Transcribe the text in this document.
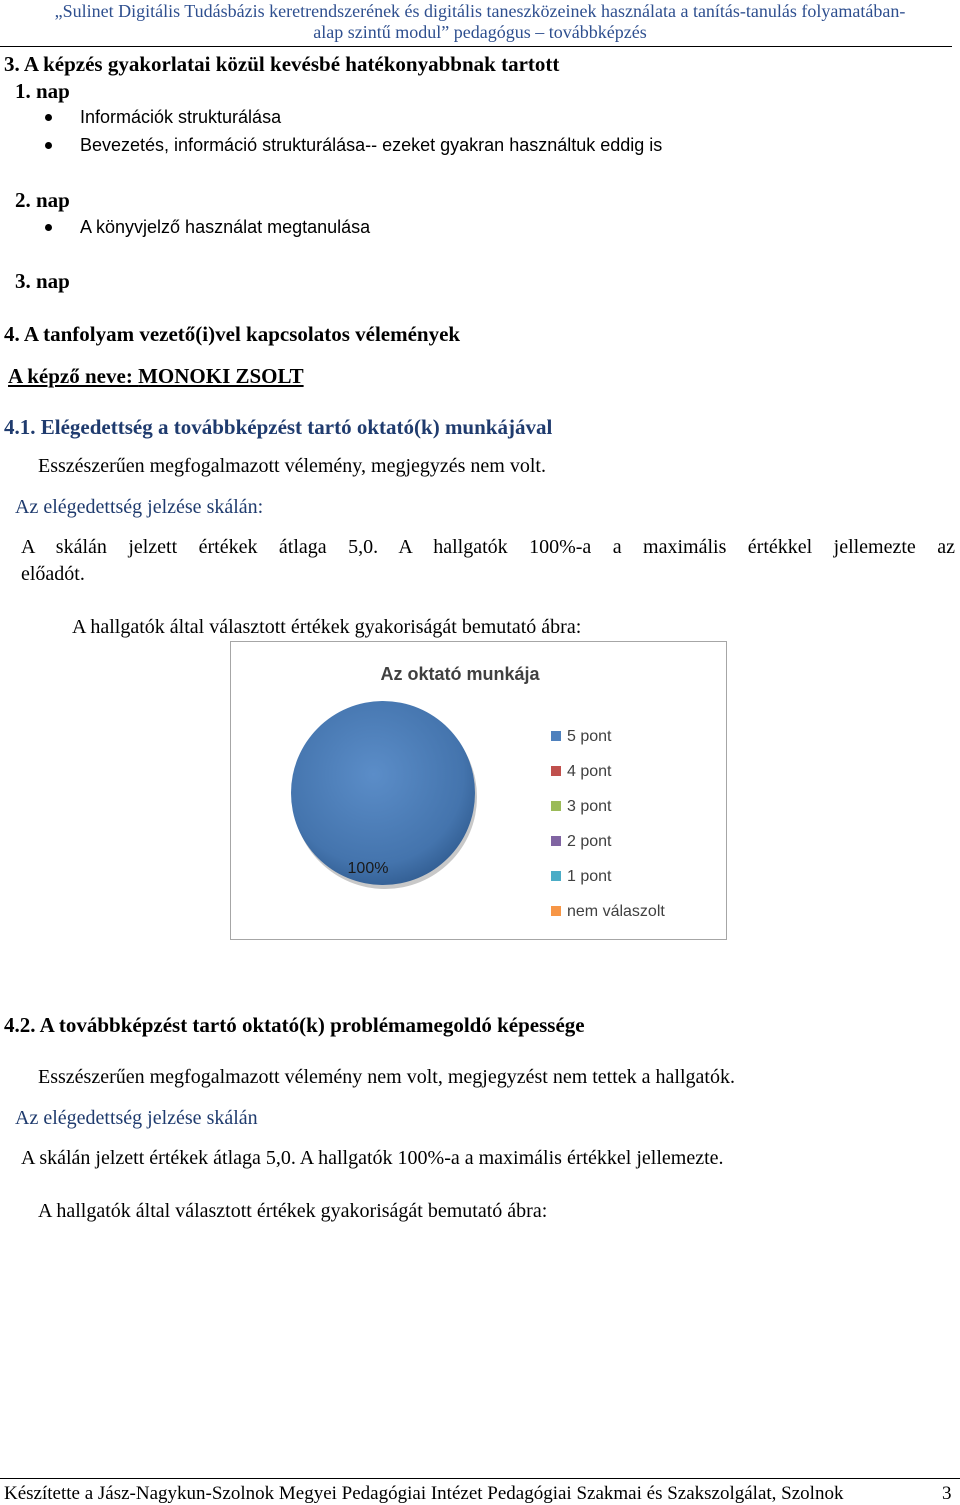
„Sulinet Digitális Tudásbázis keretrendszerének és digitális taneszközeinek használata a tanítás-tanulás folyamatában-
alap szintű modul” pedagógus – továbbképzés
3. A képzés gyakorlatai közül kevésbé hatékonyabbnak tartott
1. nap
Információk strukturálása
Bevezetés, információ strukturálása-- ezeket gyakran használtuk eddig is
2. nap
A könyvjelző használat megtanulása
3. nap
4. A tanfolyam vezető(i)vel kapcsolatos vélemények
A képző neve: MONOKI ZSOLT
4.1. Elégedettség a továbbképzést tartó oktató(k) munkájával
Esszészerűen megfogalmazott vélemény, megjegyzés nem volt.
Az elégedettség jelzése skálán:
A skálán jelzett értékek átlaga 5,0. A hallgatók 100%-a a maximális értékkel jellemezte az
előadót.
A hallgatók által választott értékek gyakoriságát bemutató ábra:
Az oktató munkája
100%
5 pont
4 pont
3 pont
2 pont
1 pont
nem válaszolt
4.2. A továbbképzést tartó oktató(k) problémamegoldó képessége
Esszészerűen megfogalmazott vélemény nem volt, megjegyzést nem tettek a hallgatók.
Az elégedettség jelzése skálán
A skálán jelzett értékek átlaga 5,0. A hallgatók 100%-a a maximális értékkel jellemezte.
A hallgatók által választott értékek gyakoriságát bemutató ábra:
Készítette a Jász-Nagykun-Szolnok Megyei Pedagógiai Intézet Pedagógiai Szakmai és Szakszolgálat, Szolnok	3
